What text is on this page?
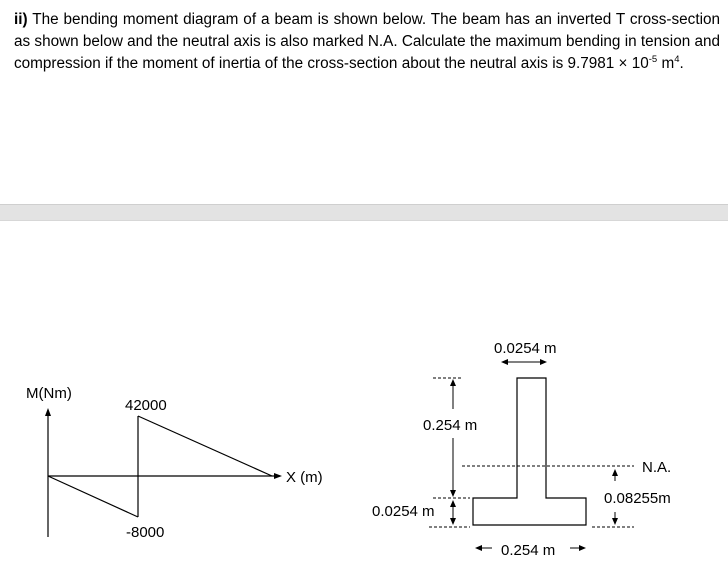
ii) The bending moment diagram of a beam is shown below. The beam has an inverted T cross-section as shown below and the neutral axis is also marked N.A. Calculate the maximum bending in tension and compression if the moment of inertia of the cross-section about the neutral axis is $9.7981 \times 10^{-5}$ $m^4$.

M(Nm)
X (m)
42000
-8000
0.0254 m
0.254 m
0.0254 m
0.254 m
N.A.
0.08255m
